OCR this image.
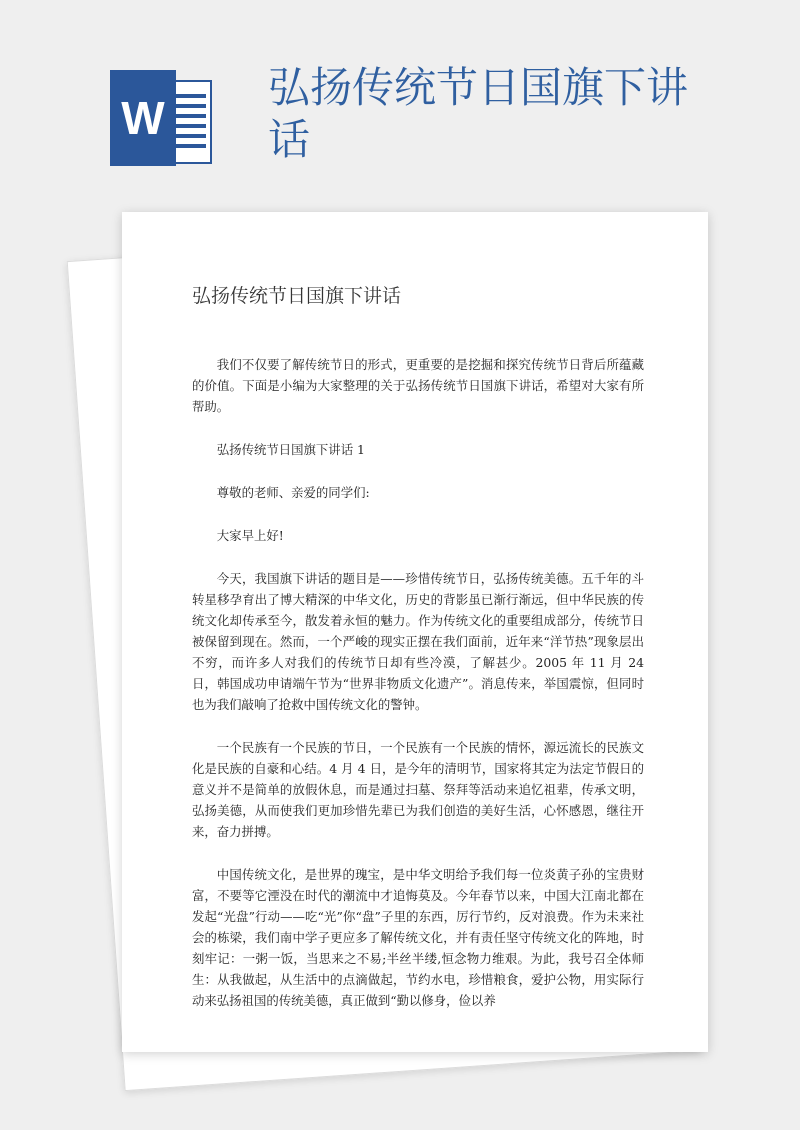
W
弘扬传统节日国旗下讲话
弘扬传统节日国旗下讲话

我们不仅要了解传统节日的形式，更重要的是挖掘和探究传统节日背后所蕴藏的价值。下面是小编为大家整理的关于弘扬传统节日国旗下讲话，希望对大家有所帮助。

弘扬传统节日国旗下讲话 1

尊敬的老师、亲爱的同学们:

大家早上好!

今天，我国旗下讲话的题目是——珍惜传统节日，弘扬传统美德。五千年的斗转星移孕育出了博大精深的中华文化，历史的背影虽已渐行渐远，但中华民族的传统文化却传承至今，散发着永恒的魅力。作为传统文化的重要组成部分，传统节日被保留到现在。然而，一个严峻的现实正摆在我们面前，近年来“洋节热”现象层出不穷，而许多人对我们的传统节日却有些冷漠，了解甚少。2005 年 11 月 24 日，韩国成功申请端午节为“世界非物质文化遗产”。消息传来，举国震惊，但同时也为我们敲响了抢救中国传统文化的警钟。

一个民族有一个民族的节日，一个民族有一个民族的情怀，源远流长的民族文化是民族的自豪和心结。4 月 4 日，是今年的清明节，国家将其定为法定节假日的意义并不是简单的放假休息，而是通过扫墓、祭拜等活动来追忆祖辈，传承文明，弘扬美德，从而使我们更加珍惜先辈已为我们创造的美好生活，心怀感恩，继往开来，奋力拼搏。

中国传统文化，是世界的瑰宝，是中华文明给予我们每一位炎黄子孙的宝贵财富，不要等它湮没在时代的潮流中才追悔莫及。今年春节以来，中国大江南北都在发起“光盘”行动——吃“光”你“盘”子里的东西，厉行节约，反对浪费。作为未来社会的栋梁，我们南中学子更应多了解传统文化，并有责任坚守传统文化的阵地，时刻牢记：一粥一饭，当思来之不易;半丝半缕,恒念物力维艰。为此，我号召全体师生：从我做起，从生活中的点滴做起，节约水电，珍惜粮食，爱护公物，用实际行动来弘扬祖国的传统美德，真正做到“勤以修身，俭以养
